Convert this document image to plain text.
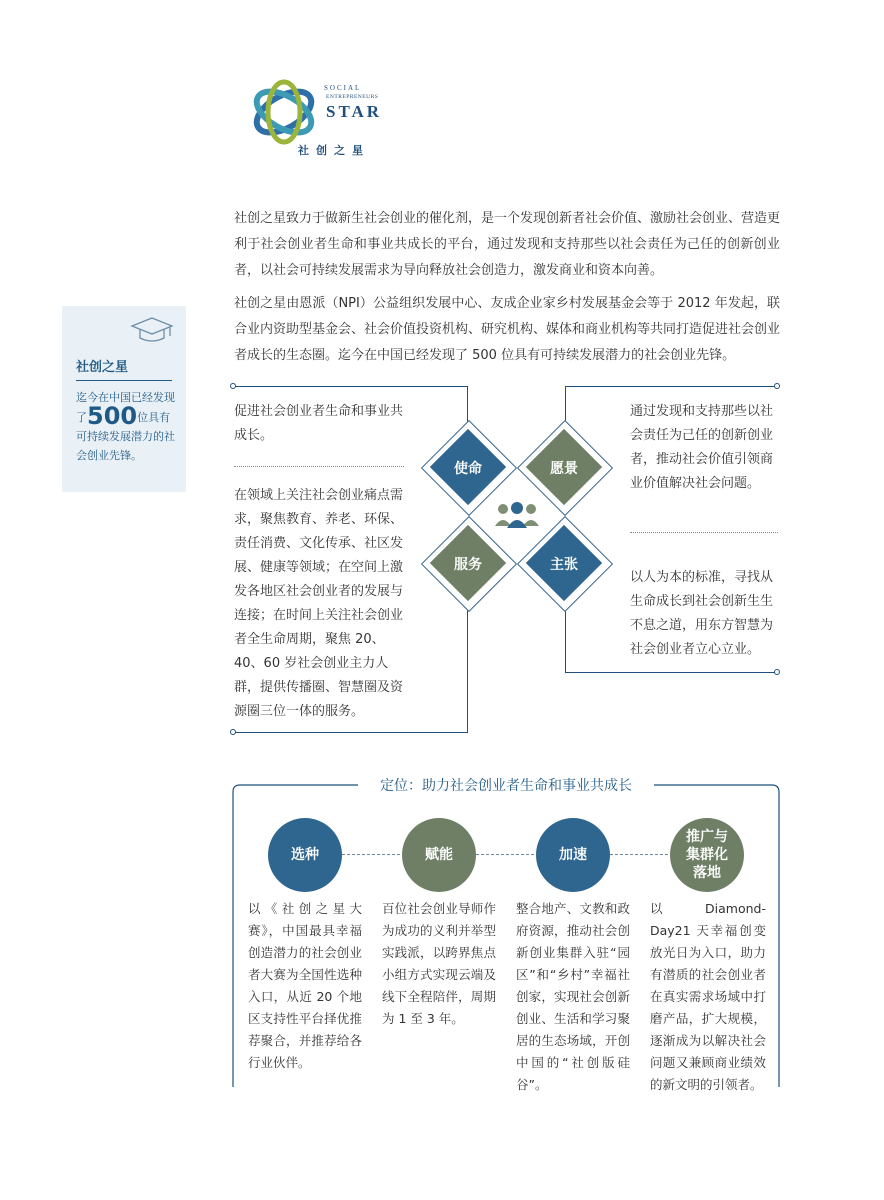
SOCIAL
ENTREPRENEURS
STAR
社创之星
社创之星致力于做新生社会创业的催化剂，是一个发现创新者社会价值、激励社会创业、营造更利于社会创业者生命和事业共成长的平台，通过发现和支持那些以社会责任为己任的创新创业者，以社会可持续发展需求为导向释放社会创造力，激发商业和资本向善。
社创之星由恩派（NPI）公益组织发展中心、友成企业家乡村发展基金会等于 2012 年发起，联合业内资助型基金会、社会价值投资机构、研究机构、媒体和商业机构等共同打造促进社会创业者成长的生态圈。迄今在中国已经发现了 500 位具有可持续发展潜力的社会创业先锋。
社创之星
迄今在中国已经发现了500位具有可持续发展潜力的社会创业先锋。
促进社会创业者生命和事业共成长。
通过发现和支持那些以社会责任为己任的创新创业者，推动社会价值引领商业价值解决社会问题。
在领域上关注社会创业痛点需求，聚焦教育、养老、环保、责任消费、文化传承、社区发展、健康等领域；在空间上激发各地区社会创业者的发展与连接；在时间上关注社会创业者全生命周期，聚焦 20、40、60 岁社会创业主力人群，提供传播圈、智慧圈及资源圈三位一体的服务。
以人为本的标准，寻找从生命成长到社会创新生生不息之道，用东方智慧为社会创业者立心立业。
使命	愿景
服务	主张
定位：助力社会创业者生命和事业共成长
选种	赋能	加速
推广与集群化落地
以《社创之星大赛》，中国最具幸福创造潜力的社会创业者大赛为全国性选种入口，从近 20 个地区支持性平台择优推荐聚合，并推荐给各行业伙伴。
百位社会创业导师作为成功的义利并举型实践派，以跨界焦点小组方式实现云端及线下全程陪伴，周期为 1 至 3 年。
整合地产、文教和政府资源，推动社会创新创业集群入驻“园区”和“乡村”幸福社创家，实现社会创新创业、生活和学习聚居的生态场域，开创中国的“社创版硅谷”。
以 Diamond-Day21 天幸福创变放光日为入口，助力有潜质的社会创业者在真实需求场域中打磨产品，扩大规模，逐渐成为以解决社会问题又兼顾商业绩效的新文明的引领者。
